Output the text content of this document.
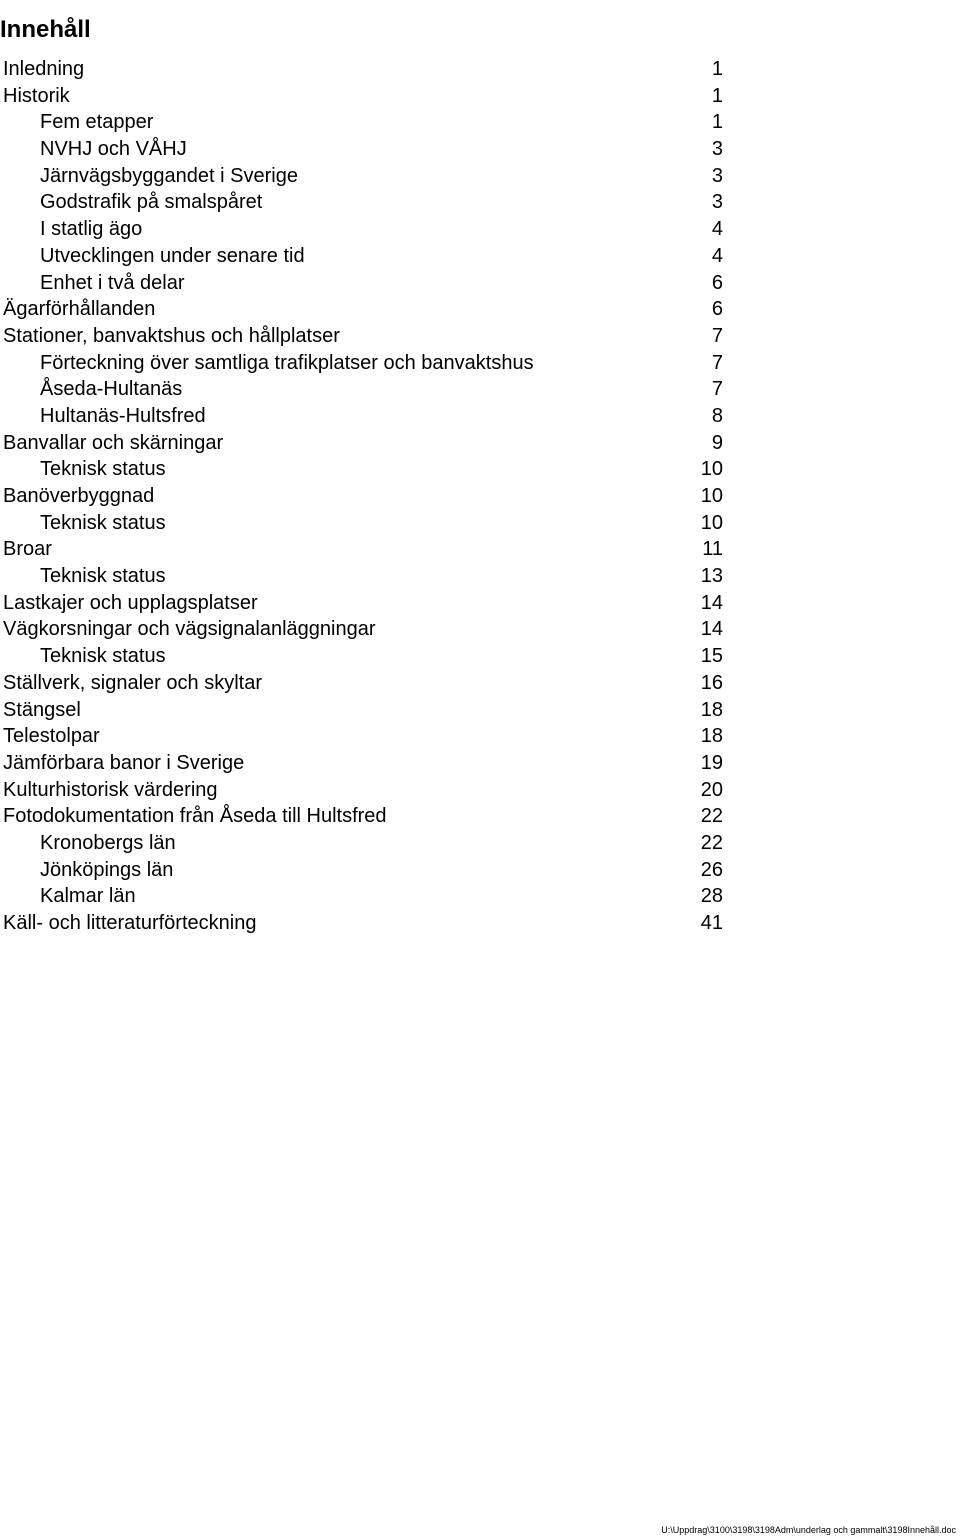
Innehåll
Inledning	1
Historik	1
Fem etapper	1
NVHJ och VÅHJ	3
Järnvägsbyggandet i Sverige	3
Godstrafik på smalspåret	3
I statlig ägo	4
Utvecklingen under senare tid	4
Enhet i två delar	6
Ägarförhållanden	6
Stationer, banvaktshus och hållplatser	7
Förteckning över samtliga trafikplatser och banvaktshus	7
Åseda-Hultanäs	7
Hultanäs-Hultsfred	8
Banvallar och skärningar	9
Teknisk status	10
Banöverbyggnad	10
Teknisk status	10
Broar	11
Teknisk status	13
Lastkajer och upplagsplatser	14
Vägkorsningar och vägsignalanläggningar	14
Teknisk status	15
Ställverk, signaler och skyltar	16
Stängsel	18
Telestolpar	18
Jämförbara banor i Sverige	19
Kulturhistorisk värdering	20
Fotodokumentation från Åseda till Hultsfred	22
Kronobergs län	22
Jönköpings län	26
Kalmar län	28
Käll- och litteraturförteckning	41
U:\Uppdrag\3100\3198\3198Adm\underlag och gammalt\3198Innehåll.doc
